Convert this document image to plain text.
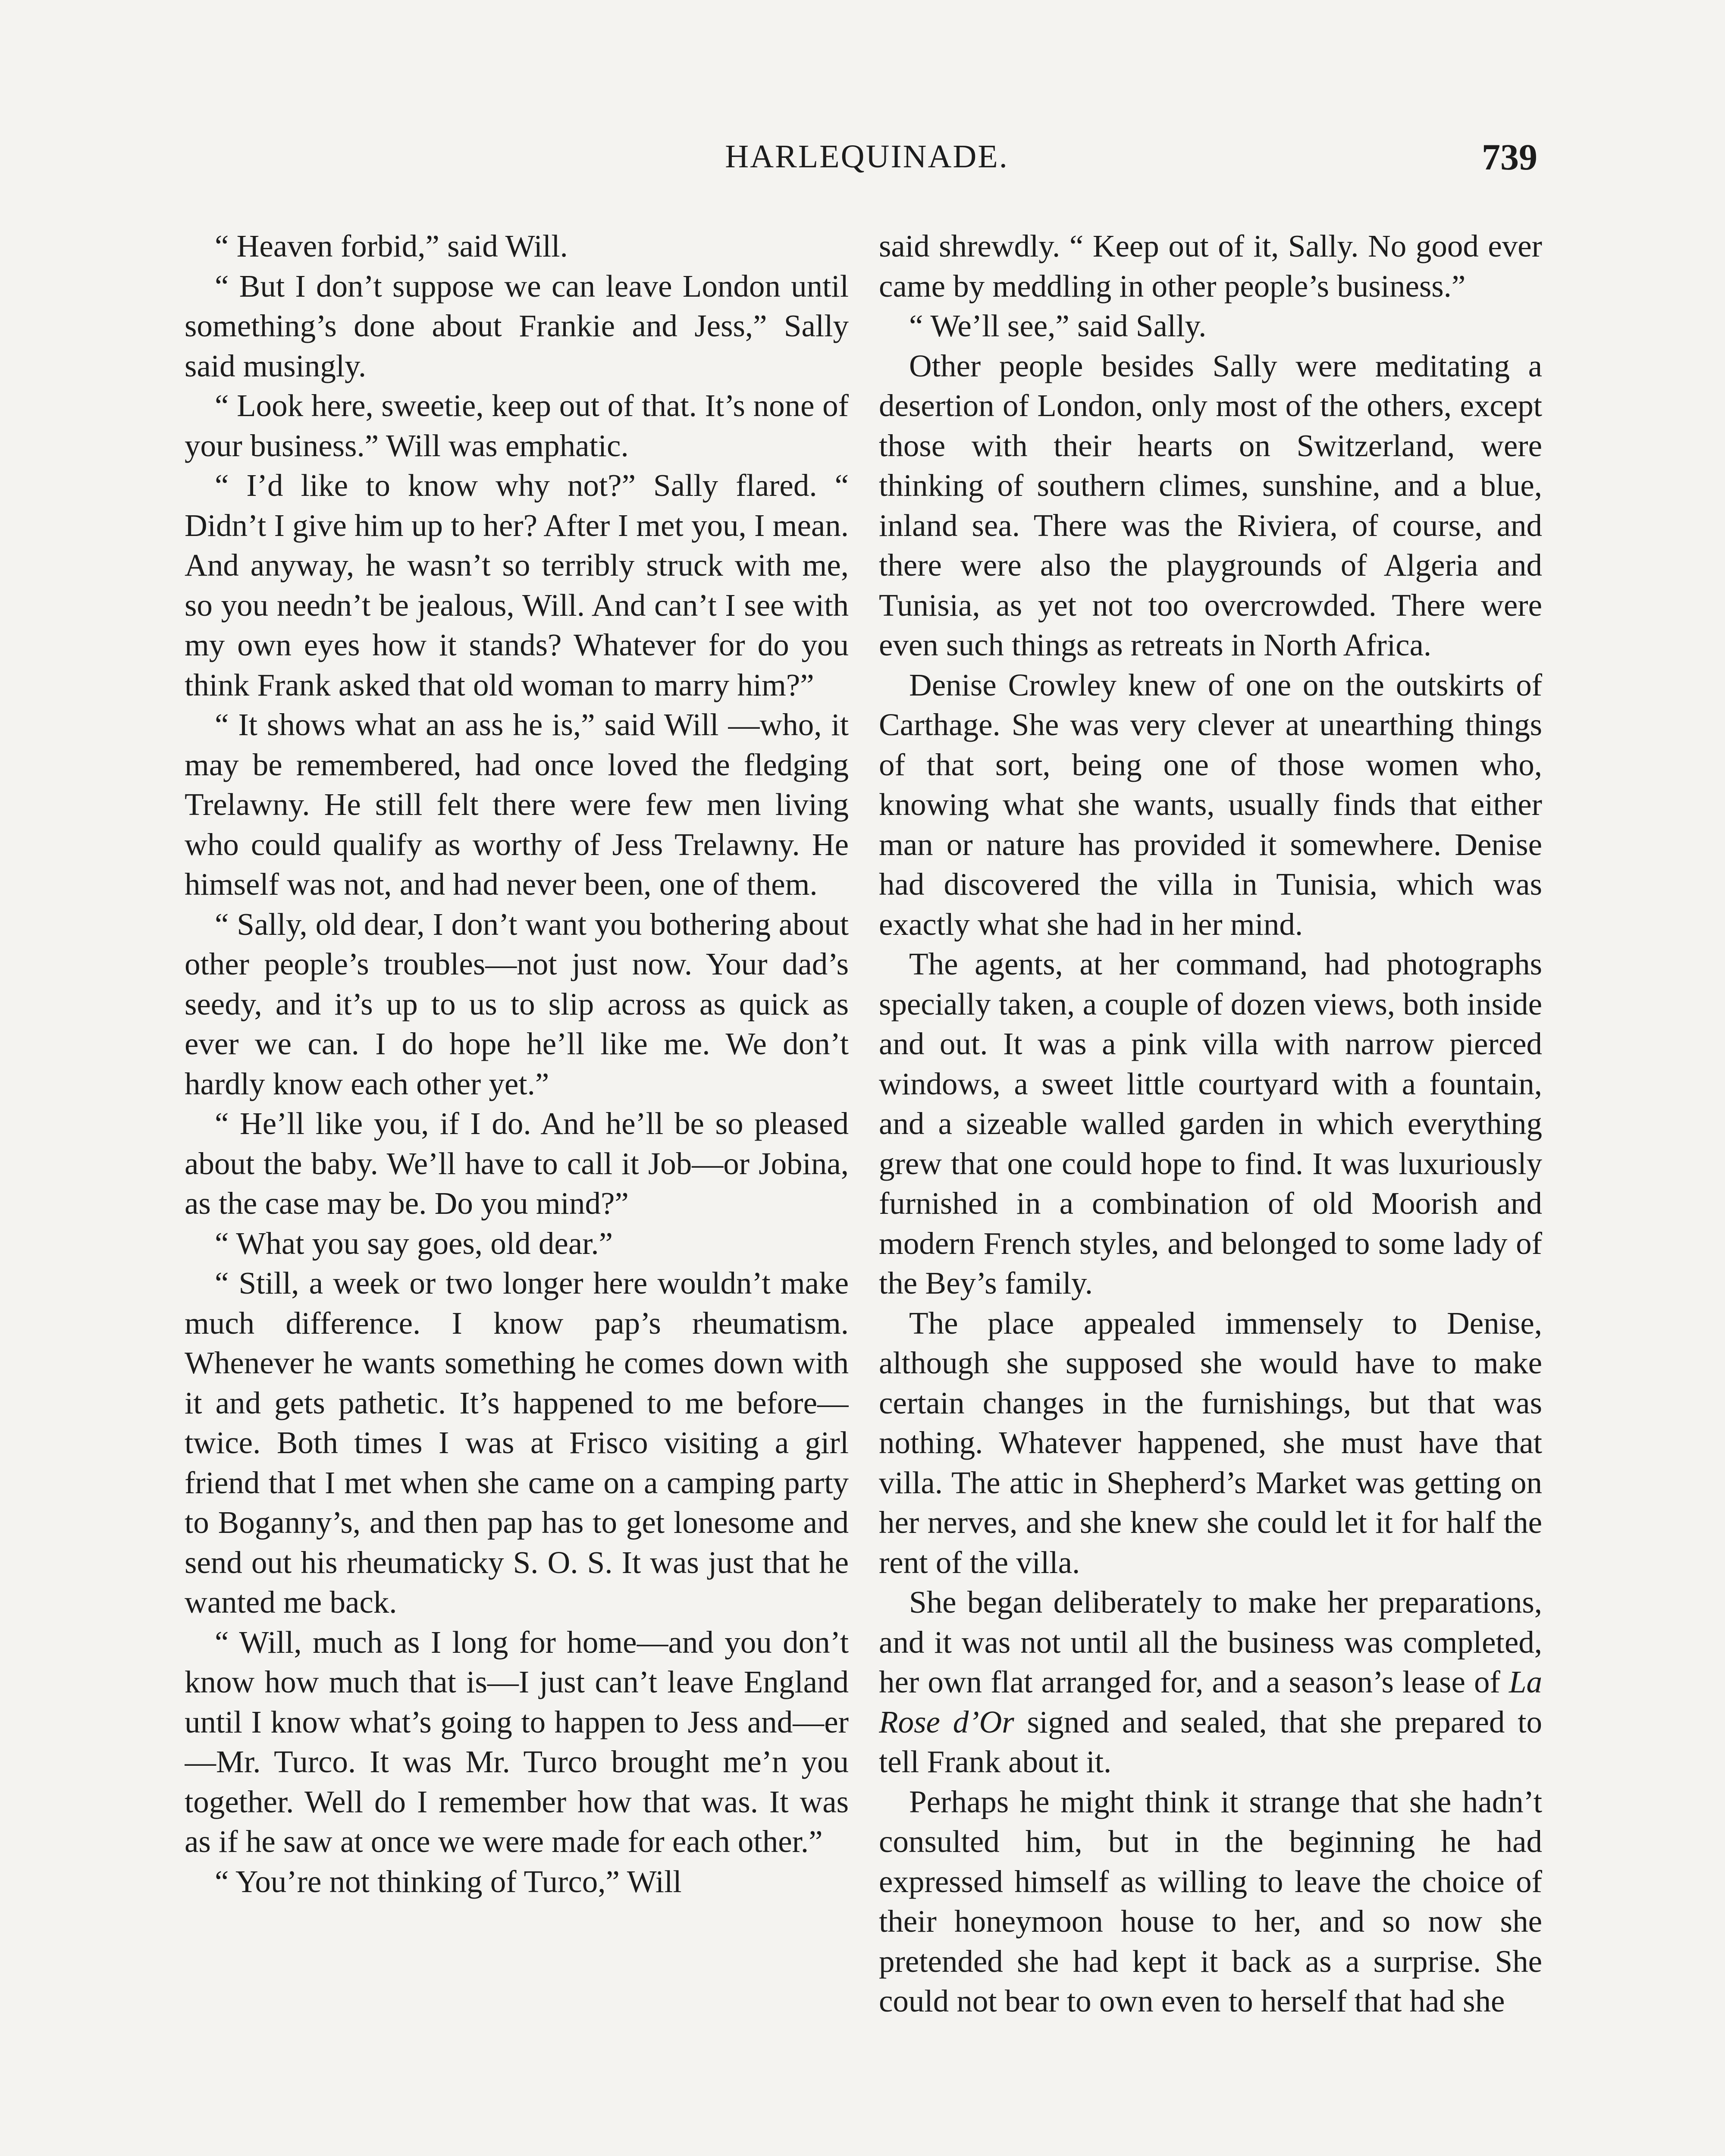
HARLEQUINADE.	739

“ Heaven forbid,” said Will.

“ But I don’t suppose we can leave London until something’s done about Frankie and Jess,” Sally said musingly.

“ Look here, sweetie, keep out of that. It’s none of your business.” Will was emphatic.

“ I’d like to know why not?” Sally flared. “ Didn’t I give him up to her? After I met you, I mean. And anyway, he wasn’t so terribly struck with me, so you needn’t be jealous, Will. And can’t I see with my own eyes how it stands? Whatever for do you think Frank asked that old woman to marry him?”

“ It shows what an ass he is,” said Will —who, it may be remembered, had once loved the fledging Trelawny. He still felt there were few men living who could qualify as worthy of Jess Trelawny. He himself was not, and had never been, one of them.

“ Sally, old dear, I don’t want you bothering about other people’s troubles—not just now. Your dad’s seedy, and it’s up to us to slip across as quick as ever we can. I do hope he’ll like me. We don’t hardly know each other yet.”

“ He’ll like you, if I do. And he’ll be so pleased about the baby. We’ll have to call it Job—or Jobina, as the case may be. Do you mind?”

“ What you say goes, old dear.”

“ Still, a week or two longer here wouldn’t make much difference. I know pap’s rheumatism. Whenever he wants something he comes down with it and gets pathetic. It’s happened to me before—twice. Both times I was at Frisco visiting a girl friend that I met when she came on a camping party to Boganny’s, and then pap has to get lonesome and send out his rheumaticky S. O. S. It was just that he wanted me back.

“ Will, much as I long for home—and you don’t know how much that is—I just can’t leave England until I know what’s going to happen to Jess and—er—Mr. Turco. It was Mr. Turco brought me’n you together. Well do I remember how that was. It was as if he saw at once we were made for each other.”

“ You’re not thinking of Turco,” Will

said shrewdly. “ Keep out of it, Sally. No good ever came by meddling in other people’s business.”

“ We’ll see,” said Sally.

Other people besides Sally were meditating a desertion of London, only most of the others, except those with their hearts on Switzerland, were thinking of southern climes, sunshine, and a blue, inland sea. There was the Riviera, of course, and there were also the playgrounds of Algeria and Tunisia, as yet not too overcrowded. There were even such things as retreats in North Africa.

Denise Crowley knew of one on the outskirts of Carthage. She was very clever at unearthing things of that sort, being one of those women who, knowing what she wants, usually finds that either man or nature has provided it somewhere. Denise had discovered the villa in Tunisia, which was exactly what she had in her mind.

The agents, at her command, had photographs specially taken, a couple of dozen views, both inside and out. It was a pink villa with narrow pierced windows, a sweet little courtyard with a fountain, and a sizeable walled garden in which everything grew that one could hope to find. It was luxuriously furnished in a combination of old Moorish and modern French styles, and belonged to some lady of the Bey’s family.

The place appealed immensely to Denise, although she supposed she would have to make certain changes in the furnishings, but that was nothing. Whatever happened, she must have that villa. The attic in Shepherd’s Market was getting on her nerves, and she knew she could let it for half the rent of the villa.

She began deliberately to make her preparations, and it was not until all the business was completed, her own flat arranged for, and a season’s lease of La Rose d’Or signed and sealed, that she prepared to tell Frank about it.

Perhaps he might think it strange that she hadn’t consulted him, but in the beginning he had expressed himself as willing to leave the choice of their honeymoon house to her, and so now she pretended she had kept it back as a surprise. She could not bear to own even to herself that had she
